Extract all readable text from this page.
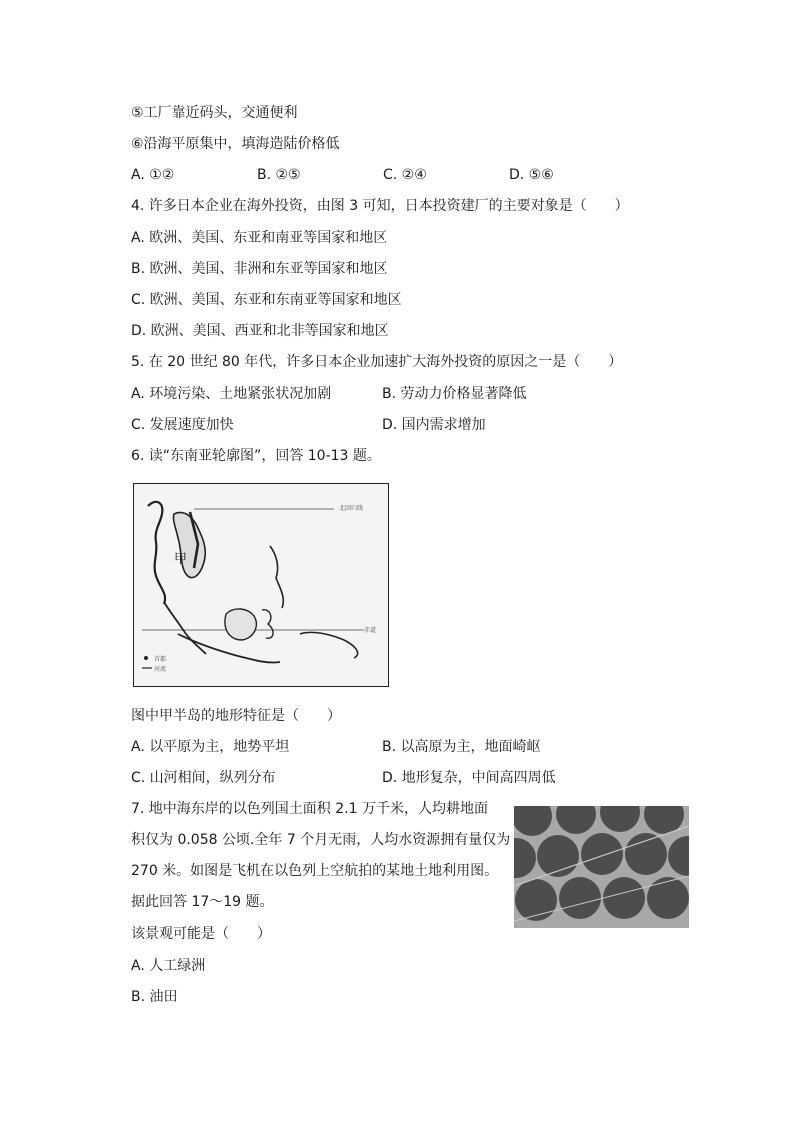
⑤工厂靠近码头，交通便利
⑥沿海平原集中，填海造陆价格低
A. ①②	B. ②⑤	C. ②④	D. ⑤⑥
4. 许多日本企业在海外投资，由图 3 可知，日本投资建厂的主要对象是（　　）
A. 欧洲、美国、东亚和南亚等国家和地区
B. 欧洲、美国、非洲和东亚等国家和地区
C. 欧洲、美国、东亚和东南亚等国家和地区
D. 欧洲、美国、西亚和北非等国家和地区
5. 在 20 世纪 80 年代，许多日本企业加速扩大海外投资的原因之一是（　　）
A. 环境污染、土地紧张状况加剧	B. 劳动力价格显著降低
C. 发展速度加快	D. 国内需求增加
6. 读“东南亚轮廓图”，回答 10-13 题。
甲
北回归线
赤道
首都
河流
图中甲半岛的地形特征是（　　）
A. 以平原为主，地势平坦	B. 以高原为主，地面崎岖
C. 山河相间，纵列分布	D. 地形复杂，中间高四周低
7. 地中海东岸的以色列国土面积 2.1 万千米，人均耕地面
积仅为 0.058 公顷.全年 7 个月无雨，人均水资源拥有量仅为
270 米。如图是飞机在以色列上空航拍的某地土地利用图。
据此回答 17～19 题。
该景观可能是（　　）
A. 人工绿洲
B. 油田
